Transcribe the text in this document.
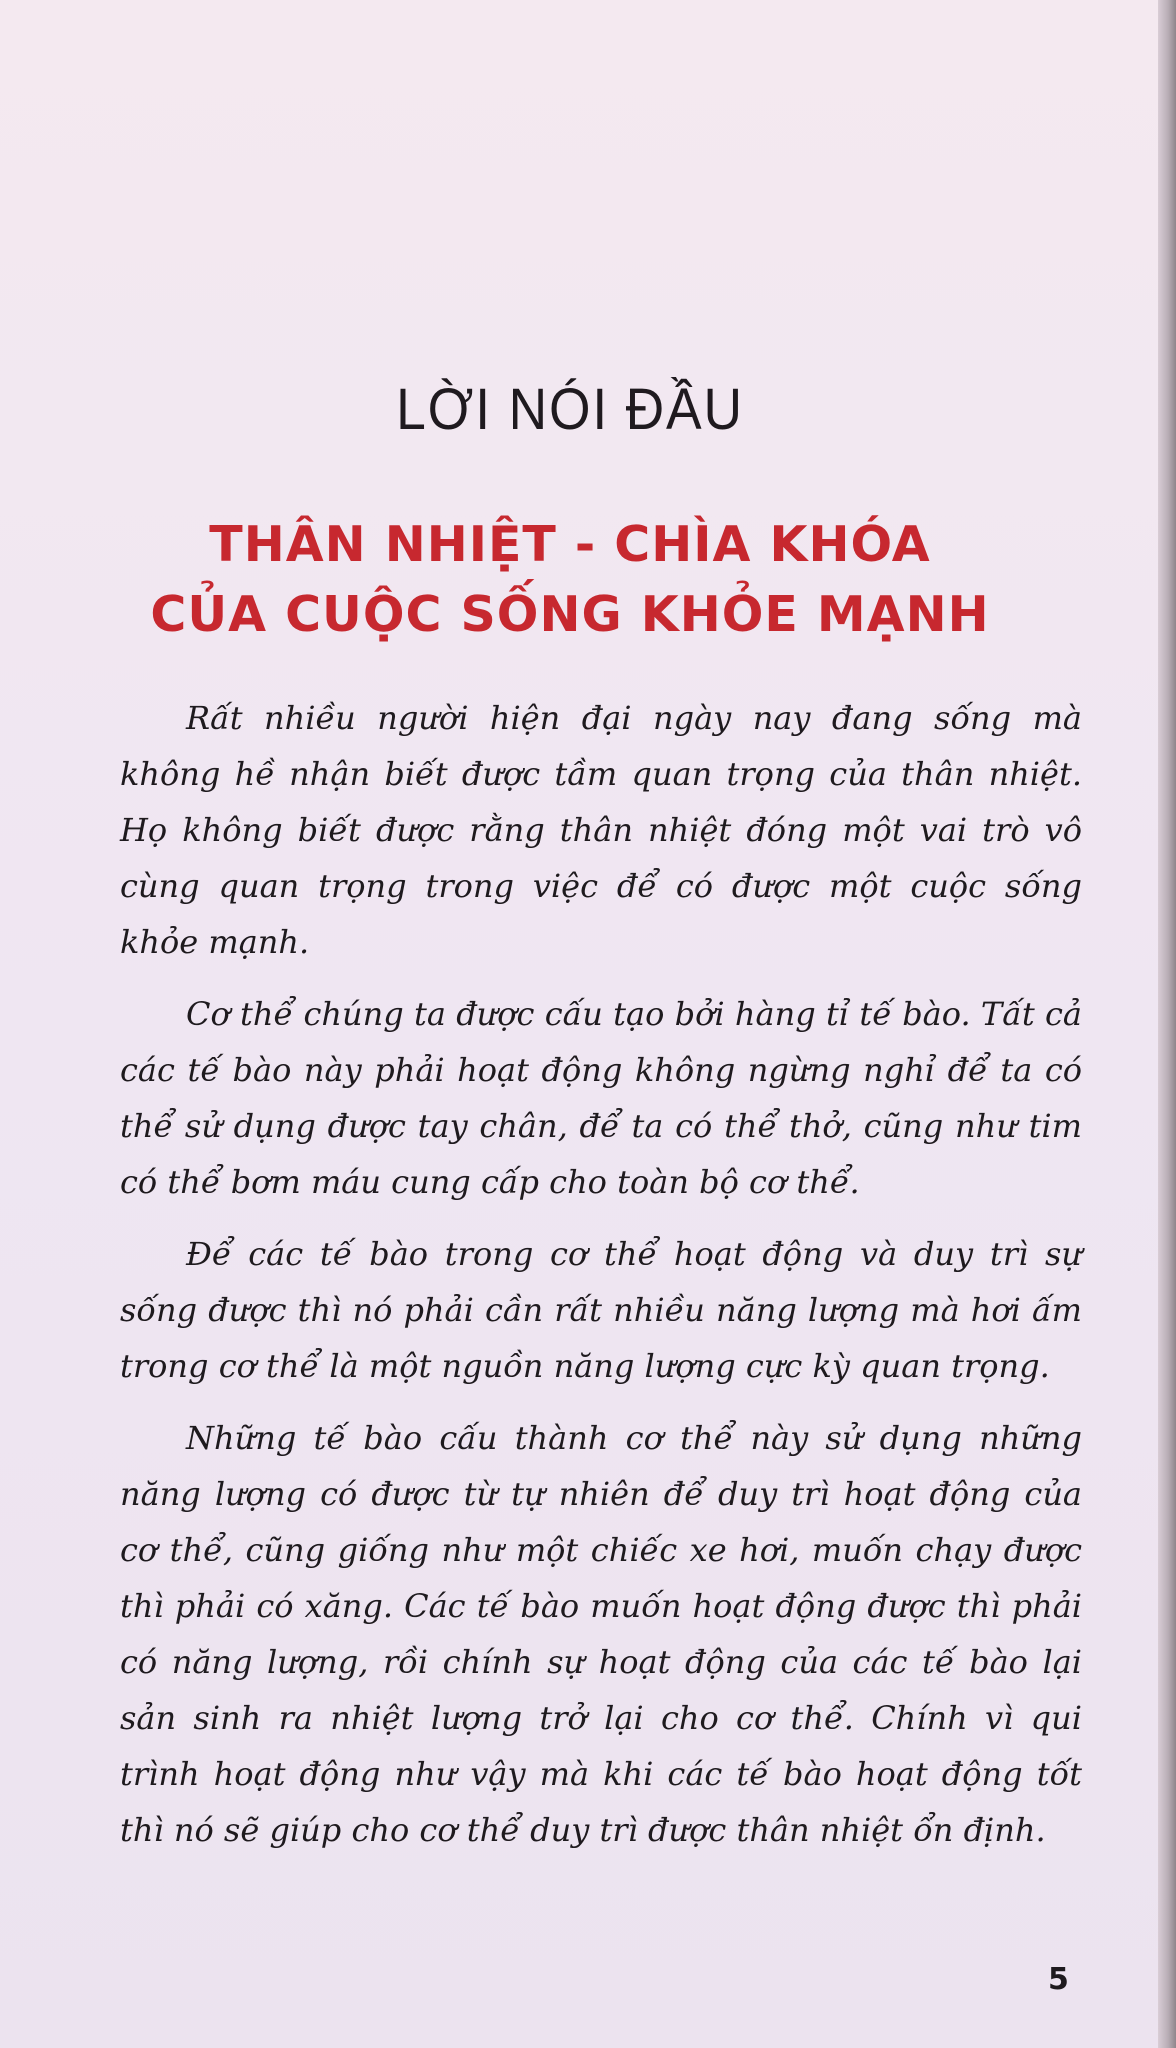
LỜI NÓI ĐẦU
THÂN NHIỆT - CHÌA KHÓA
CỦA CUỘC SỐNG KHỎE MẠNH

Rất nhiều người hiện đại ngày nay đang sống mà không hề nhận biết được tầm quan trọng của thân nhiệt. Họ không biết được rằng thân nhiệt đóng một vai trò vô cùng quan trọng trong việc để có được một cuộc sống khỏe mạnh.

Cơ thể chúng ta được cấu tạo bởi hàng tỉ tế bào. Tất cả các tế bào này phải hoạt động không ngừng nghỉ để ta có thể sử dụng được tay chân, để ta có thể thở, cũng như tim có thể bơm máu cung cấp cho toàn bộ cơ thể.

Để các tế bào trong cơ thể hoạt động và duy trì sự sống được thì nó phải cần rất nhiều năng lượng mà hơi ấm trong cơ thể là một nguồn năng lượng cực kỳ quan trọng.

Những tế bào cấu thành cơ thể này sử dụng những năng lượng có được từ tự nhiên để duy trì hoạt động của cơ thể, cũng giống như một chiếc xe hơi, muốn chạy được thì phải có xăng. Các tế bào muốn hoạt động được thì phải có năng lượng, rồi chính sự hoạt động của các tế bào lại sản sinh ra nhiệt lượng trở lại cho cơ thể. Chính vì qui trình hoạt động như vậy mà khi các tế bào hoạt động tốt thì nó sẽ giúp cho cơ thể duy trì được thân nhiệt ổn định.

5
